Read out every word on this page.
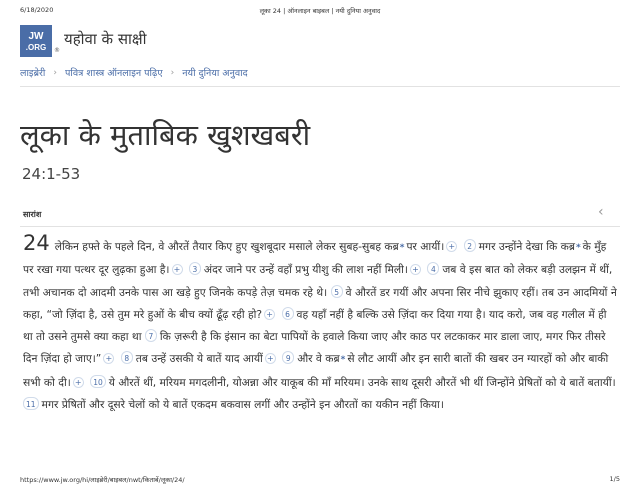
6/18/2020	लूका 24 | ऑनलाइन बाइबल | नयी दुनिया अनुवाद
JW
.ORG	®
यहोवा के साक्षी
लाइब्रेरी › पवित्र शास्त्र ऑनलाइन पढ़िए › नयी दुनिया अनुवाद
लूका के मुताबिक खुशखबरी
24:1-53
सारांश	‹
24 लेकिन हफ्ते के पहले दिन, वे औरतें तैयार किए हुए खुशबूदार मसाले लेकर सुबह-सुबह कब्र* पर आयीं। + 2 मगर उन्होंने देखा कि कब्र* के मुँह पर रखा गया पत्थर दूर लुढ़का हुआ है। + 3 अंदर जाने पर उन्हें वहाँ प्रभु यीशु की लाश नहीं मिली। + 4 जब वे इस बात को लेकर बड़ी उलझन में थीं, तभी अचानक दो आदमी उनके पास आ खड़े हुए जिनके कपड़े तेज़ चमक रहे थे। 5 वे औरतें डर गयीं और अपना सिर नीचे झुकाए रहीं। तब उन आदमियों ने कहा, “जो ज़िंदा है, उसे तुम मरे हुओं के बीच क्यों ढूँढ़ रही हो? + 6 वह यहाँ नहीं है बल्कि उसे ज़िंदा कर दिया गया है। याद करो, जब वह गलील में ही था तो उसने तुमसे क्या कहा था 7 कि ज़रूरी है कि इंसान का बेटा पापियों के हवाले किया जाए और काठ पर लटकाकर मार डाला जाए, मगर फिर तीसरे दिन ज़िंदा हो जाए।” + 8 तब उन्हें उसकी ये बातें याद आयीं + 9 और वे कब्र* से लौट आयीं और इन सारी बातों की खबर उन ग्यारहों को और बाकी सभी को दी। + 10 ये औरतें थीं, मरियम मगदलीनी, योअन्ना और याकूब की माँ मरियम। उनके साथ दूसरी औरतें भी थीं जिन्होंने प्रेषितों को ये बातें बतायीं। 11 मगर प्रेषितों और दूसरे चेलों को ये बातें एकदम बकवास लगीं और उन्होंने इन औरतों का यकीन नहीं किया।
https://www.jw.org/hi/लाइब्रेरी/बाइबल/nwt/किताबें/लूका/24/	1/5
